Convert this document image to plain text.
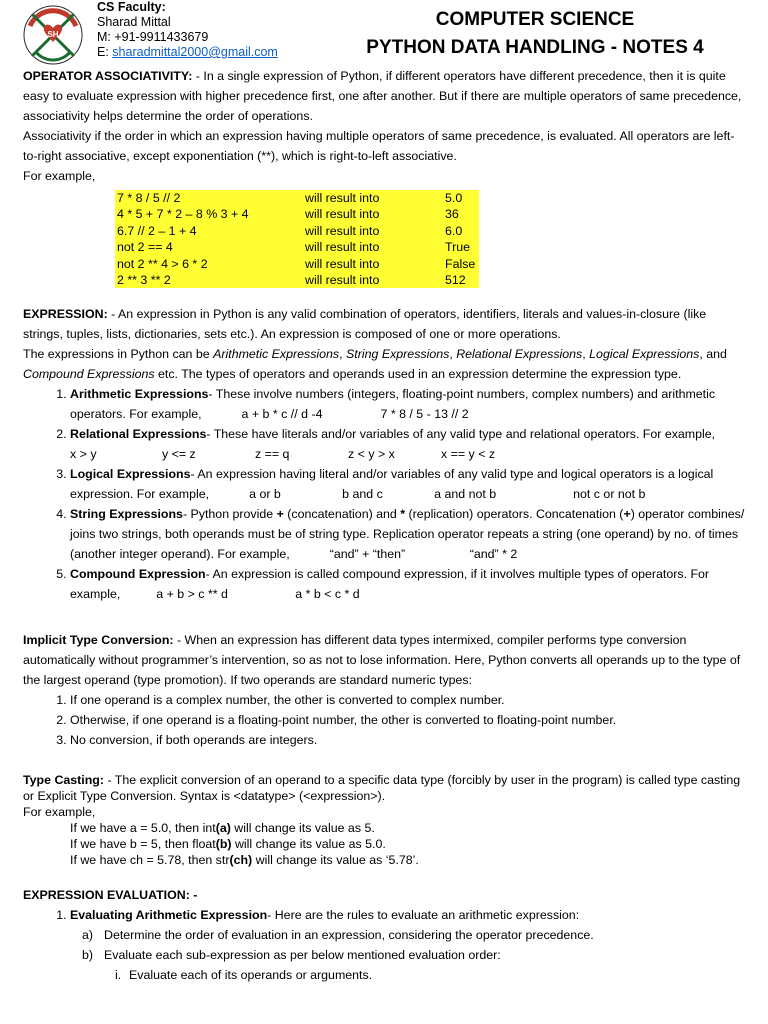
SH
CS Faculty:
Sharad Mittal
M: +91-9911433679
E: sharadmittal2000@gmail.com
COMPUTER SCIENCE
PYTHON DATA HANDLING - NOTES 4
OPERATOR ASSOCIATIVITY: - In a single expression of Python, if different operators have different precedence, then it is quite easy to evaluate expression with higher precedence first, one after another. But if there are multiple operators of same precedence, associativity helps determine the order of operations.
Associativity if the order in which an expression having multiple operators of same precedence, is evaluated. All operators are left-to-right associative, except exponentiation (**), which is right-to-left associative.
For example,
7 * 8 / 5 // 2	will result into	5.0
4 * 5 + 7 * 2 – 8 % 3 + 4	will result into	36
6.7 // 2 – 1 + 4	will result into	6.0
not 2 == 4	will result into	True
not 2 ** 4 > 6 * 2	will result into	False
2 ** 3 ** 2	will result into	512
EXPRESSION: - An expression in Python is any valid combination of operators, identifiers, literals and values-in-closure (like strings, tuples, lists, dictionaries, sets etc.). An expression is composed of one or more operations.
The expressions in Python can be Arithmetic Expressions, String Expressions, Relational Expressions, Logical Expressions, and Compound Expressions etc. The types of operators and operands used in an expression determine the expression type.
1. Arithmetic Expressions- These involve numbers (integers, floating-point numbers, complex numbers) and arithmetic operators. For example,	a + b * c // d -4	7 * 8 / 5 - 13 // 2
2. Relational Expressions- These have literals and/or variables of any valid type and relational operators. For example,
x > y	y <= z	z == q	z < y > x	x == y < z
3. Logical Expressions- An expression having literal and/or variables of any valid type and logical operators is a logical expression. For example,	a or b	b and c	a and not b	not c or not b
4. String Expressions- Python provide + (concatenation) and * (replication) operators. Concatenation (+) operator combines/ joins two strings, both operands must be of string type. Replication operator repeats a string (one operand) by no. of times (another integer operand). For example,	“and” + “then”	“and” * 2
5. Compound Expression- An expression is called compound expression, if it involves multiple types of operators. For example,	a + b > c ** d	a * b < c * d
Implicit Type Conversion: - When an expression has different data types intermixed, compiler performs type conversion automatically without programmer’s intervention, so as not to lose information. Here, Python converts all operands up to the type of the largest operand (type promotion). If two operands are standard numeric types:
1. If one operand is a complex number, the other is converted to complex number.
2. Otherwise, if one operand is a floating-point number, the other is converted to floating-point number.
3. No conversion, if both operands are integers.
Type Casting: - The explicit conversion of an operand to a specific data type (forcibly by user in the program) is called type casting or Explicit Type Conversion. Syntax is <datatype> (<expression>).
For example,
If we have a = 5.0, then int(a) will change its value as 5.
If we have b = 5, then float(b) will change its value as 5.0.
If we have ch = 5.78, then str(ch) will change its value as ‘5.78’.
EXPRESSION EVALUATION: -
1. Evaluating Arithmetic Expression- Here are the rules to evaluate an arithmetic expression:
a) Determine the order of evaluation in an expression, considering the operator precedence.
b) Evaluate each sub-expression as per below mentioned evaluation order:
i. Evaluate each of its operands or arguments.
